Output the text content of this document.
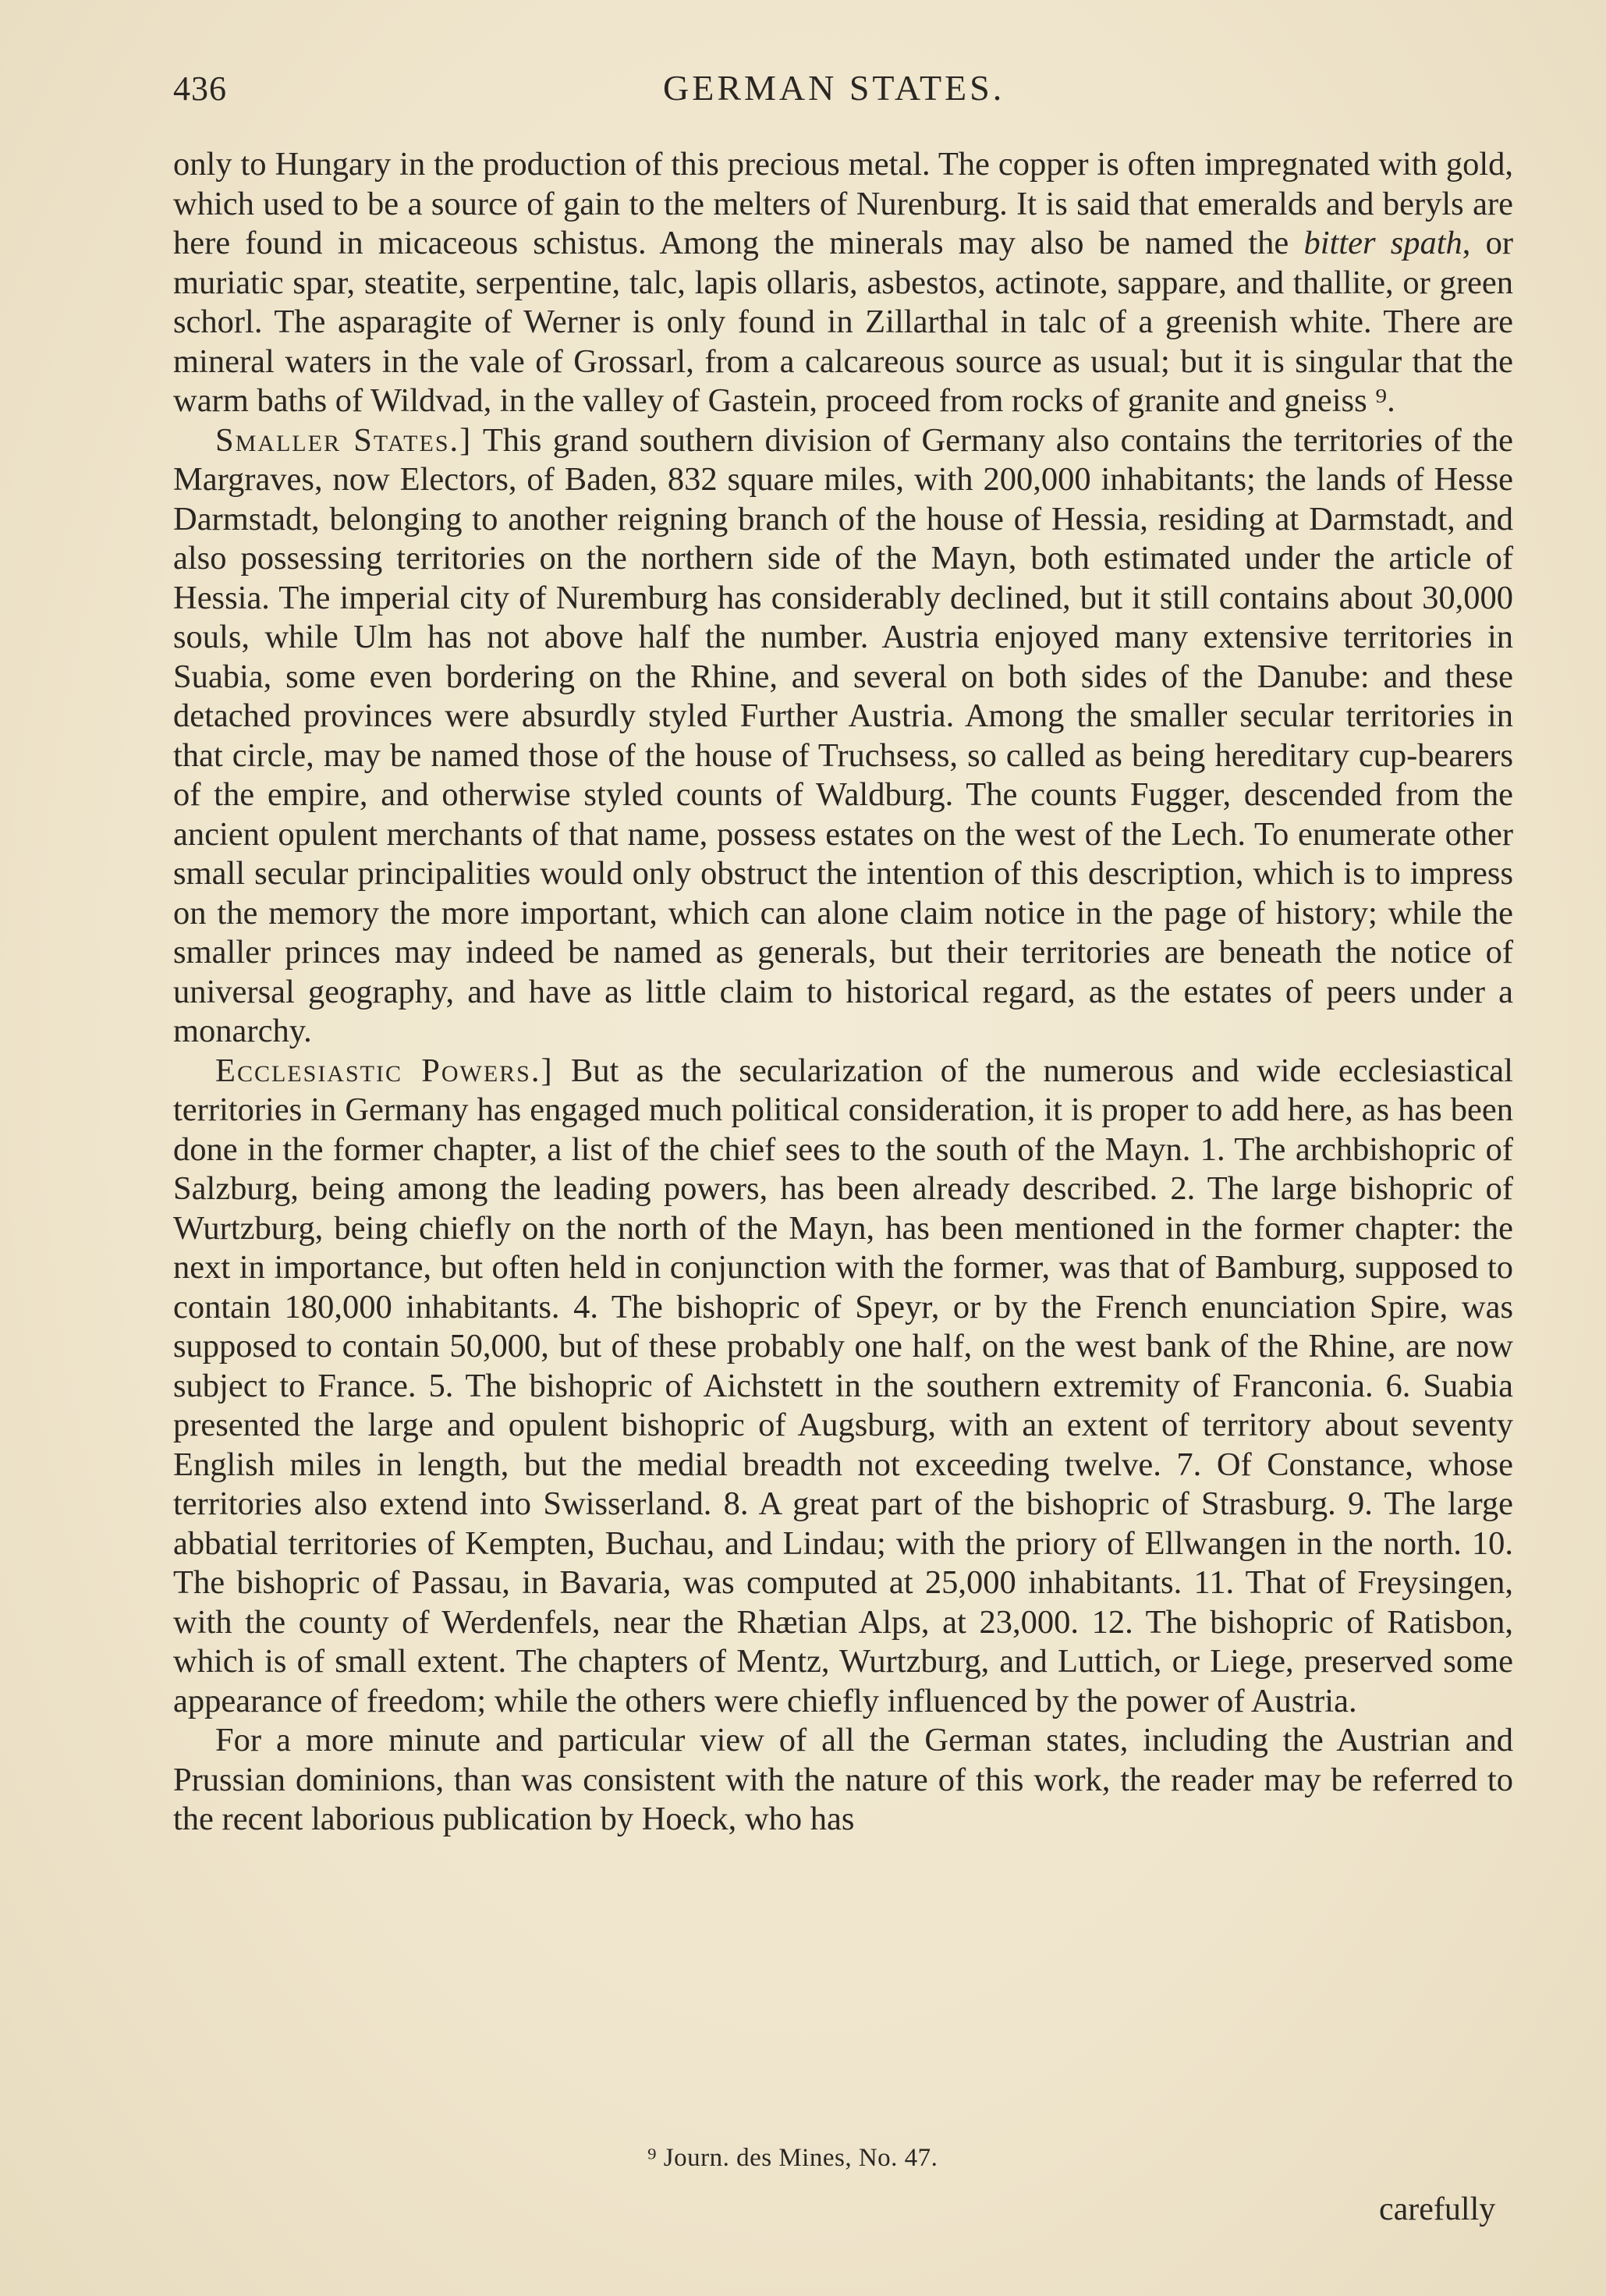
436	GERMAN STATES.

only to Hungary in the production of this precious metal. The copper is often impregnated with gold, which used to be a source of gain to the melters of Nurenburg. It is said that emeralds and beryls are here found in micaceous schistus. Among the minerals may also be named the bitter spath, or muriatic spar, steatite, serpentine, talc, lapis ollaris, asbestos, actinote, sappare, and thallite, or green schorl. The asparagite of Werner is only found in Zillarthal in talc of a greenish white. There are mineral waters in the vale of Grossarl, from a calcareous source as usual; but it is singular that the warm baths of Wildvad, in the valley of Gastein, proceed from rocks of granite and gneiss ⁹.

Smaller States.] This grand southern division of Germany also contains the territories of the Margraves, now Electors, of Baden, 832 square miles, with 200,000 inhabitants; the lands of Hesse Darmstadt, belonging to another reigning branch of the house of Hessia, residing at Darmstadt, and also possessing territories on the northern side of the Mayn, both estimated under the article of Hessia. The imperial city of Nuremburg has considerably declined, but it still contains about 30,000 souls, while Ulm has not above half the number. Austria enjoyed many extensive territories in Suabia, some even bordering on the Rhine, and several on both sides of the Danube: and these detached provinces were absurdly styled Further Austria. Among the smaller secular territories in that circle, may be named those of the house of Truchsess, so called as being hereditary cup-bearers of the empire, and otherwise styled counts of Waldburg. The counts Fugger, descended from the ancient opulent merchants of that name, possess estates on the west of the Lech. To enumerate other small secular principalities would only obstruct the intention of this description, which is to impress on the memory the more important, which can alone claim notice in the page of history; while the smaller princes may indeed be named as generals, but their territories are beneath the notice of universal geography, and have as little claim to historical regard, as the estates of peers under a monarchy.

Ecclesiastic Powers.] But as the secularization of the numerous and wide ecclesiastical territories in Germany has engaged much political consideration, it is proper to add here, as has been done in the former chapter, a list of the chief sees to the south of the Mayn. 1. The archbishopric of Salzburg, being among the leading powers, has been already described. 2. The large bishopric of Wurtzburg, being chiefly on the north of the Mayn, has been mentioned in the former chapter: the next in importance, but often held in conjunction with the former, was that of Bamburg, supposed to contain 180,000 inhabitants. 4. The bishopric of Speyr, or by the French enunciation Spire, was supposed to contain 50,000, but of these probably one half, on the west bank of the Rhine, are now subject to France. 5. The bishopric of Aichstett in the southern extremity of Franconia. 6. Suabia presented the large and opulent bishopric of Augsburg, with an extent of territory about seventy English miles in length, but the medial breadth not exceeding twelve. 7. Of Constance, whose territories also extend into Swisserland. 8. A great part of the bishopric of Strasburg. 9. The large abbatial territories of Kempten, Buchau, and Lindau; with the priory of Ellwangen in the north. 10. The bishopric of Passau, in Bavaria, was computed at 25,000 inhabitants. 11. That of Freysingen, with the county of Werdenfels, near the Rhætian Alps, at 23,000. 12. The bishopric of Ratisbon, which is of small extent. The chapters of Mentz, Wurtzburg, and Luttich, or Liege, preserved some appearance of freedom; while the others were chiefly influenced by the power of Austria.

For a more minute and particular view of all the German states, including the Austrian and Prussian dominions, than was consistent with the nature of this work, the reader may be referred to the recent laborious publication by Hoeck, who has

⁹ Journ. des Mines, No. 47.
carefully
